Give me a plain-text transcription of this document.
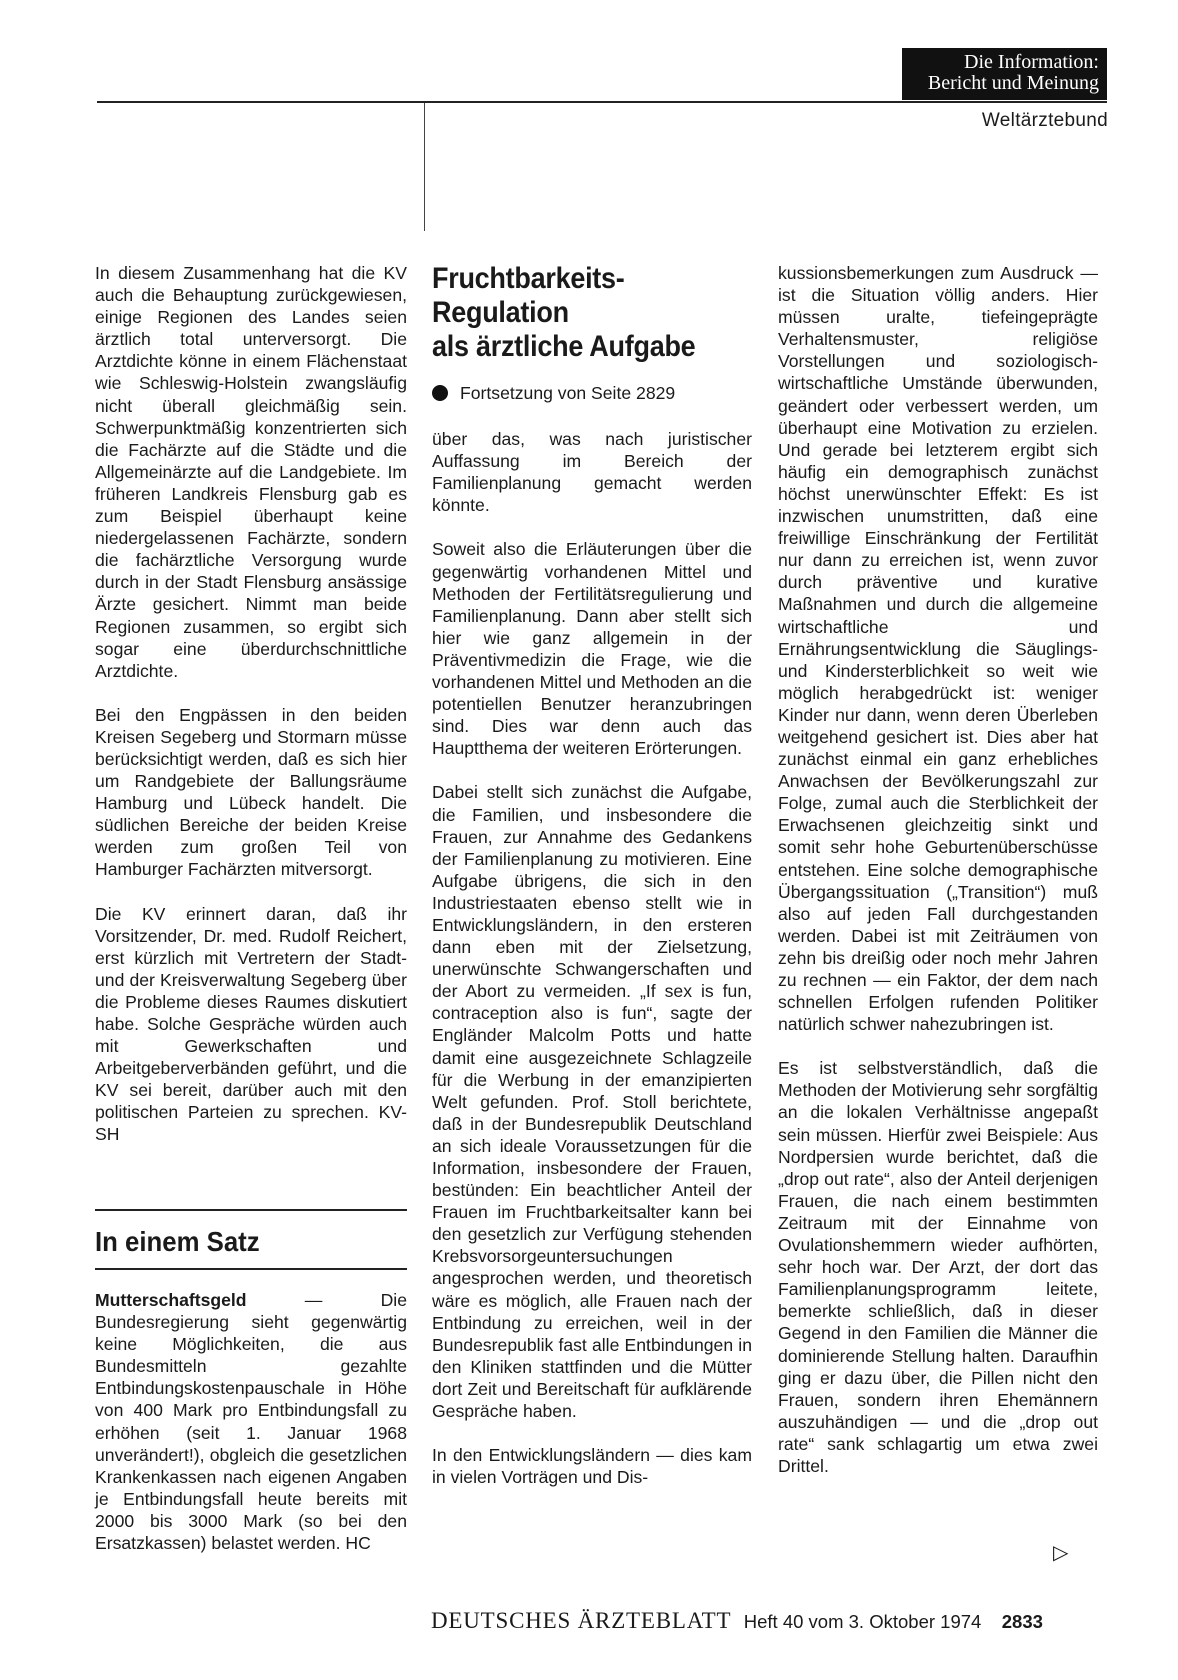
Die Information:
Bericht und Meinung
Weltärztebund

In diesem Zusammenhang hat die KV auch die Behauptung zurückgewiesen, einige Regionen des Landes seien ärztlich total unterversorgt. Die Arztdichte könne in einem Flächenstaat wie Schleswig-Holstein zwangsläufig nicht überall gleichmäßig sein. Schwerpunktmäßig konzentrierten sich die Fachärzte auf die Städte und die Allgemeinärzte auf die Landgebiete. Im früheren Landkreis Flensburg gab es zum Beispiel überhaupt keine niedergelassenen Fachärzte, sondern die fachärztliche Versorgung wurde durch in der Stadt Flensburg ansässige Ärzte gesichert. Nimmt man beide Regionen zusammen, so ergibt sich sogar eine überdurchschnittliche Arztdichte.

Bei den Engpässen in den beiden Kreisen Segeberg und Stormarn müsse berücksichtigt werden, daß es sich hier um Randgebiete der Ballungsräume Hamburg und Lübeck handelt. Die südlichen Bereiche der beiden Kreise werden zum großen Teil von Hamburger Fachärzten mitversorgt.

Die KV erinnert daran, daß ihr Vorsitzender, Dr. med. Rudolf Reichert, erst kürzlich mit Vertretern der Stadt- und der Kreisverwaltung Segeberg über die Probleme dieses Raumes diskutiert habe. Solche Gespräche würden auch mit Gewerkschaften und Arbeitgeberverbänden geführt, und die KV sei bereit, darüber auch mit den politischen Parteien zu sprechen. KV-SH

In einem Satz

Mutterschaftsgeld	— Die Bundesregierung sieht gegenwärtig keine Möglichkeiten, die aus Bundesmitteln gezahlte Entbindungskostenpauschale in Höhe von 400 Mark pro Entbindungsfall zu erhöhen (seit 1. Januar 1968 unverändert!), obgleich die gesetzlichen Krankenkassen nach eigenen Angaben je Entbindungsfall heute bereits mit 2000 bis 3000 Mark (so bei den Ersatzkassen) belastet werden. HC

Fruchtbarkeits-
Regulation
als ärztliche Aufgabe
Fortsetzung von Seite 2829

über das, was nach juristischer Auffassung im Bereich der Familienplanung gemacht werden könnte.

Soweit also die Erläuterungen über die gegenwärtig vorhandenen Mittel und Methoden der Fertilitätsregulierung und Familienplanung. Dann aber stellt sich hier wie ganz allgemein in der Präventivmedizin die Frage, wie die vorhandenen Mittel und Methoden an die potentiellen Benutzer heranzubringen sind. Dies war denn auch das Hauptthema der weiteren Erörterungen.

Dabei stellt sich zunächst die Aufgabe, die Familien, und insbesondere die Frauen, zur Annahme des Gedankens der Familienplanung zu motivieren. Eine Aufgabe übrigens, die sich in den Industriestaaten ebenso stellt wie in Entwicklungsländern, in den ersteren dann eben mit der Zielsetzung, unerwünschte Schwangerschaften und der Abort zu vermeiden. „If sex is fun, contraception also is fun“, sagte der Engländer Malcolm Potts und hatte damit eine ausgezeichnete Schlagzeile für die Werbung in der emanzipierten Welt gefunden. Prof. Stoll berichtete, daß in der Bundesrepublik Deutschland an sich ideale Voraussetzungen für die Information, insbesondere der Frauen, bestünden: Ein beachtlicher Anteil der Frauen im Fruchtbarkeitsalter kann bei den gesetzlich zur Verfügung stehenden Krebsvorsorgeuntersuchungen angesprochen werden, und theoretisch wäre es möglich, alle Frauen nach der Entbindung zu erreichen, weil in der Bundesrepublik fast alle Entbindungen in den Kliniken stattfinden und die Mütter dort Zeit und Bereitschaft für aufklärende Gespräche haben.

In den Entwicklungsländern — dies kam in vielen Vorträgen und Dis-

kussionsbemerkungen zum Ausdruck — ist die Situation völlig anders. Hier müssen uralte, tiefeingeprägte Verhaltensmuster, religiöse Vorstellungen und soziologisch-wirtschaftliche Umstände überwunden, geändert oder verbessert werden, um überhaupt eine Motivation zu erzielen. Und gerade bei letzterem ergibt sich häufig ein demographisch zunächst höchst unerwünschter Effekt: Es ist inzwischen unumstritten, daß eine freiwillige Einschränkung der Fertilität nur dann zu erreichen ist, wenn zuvor durch präventive und kurative Maßnahmen und durch die allgemeine wirtschaftliche und Ernährungsentwicklung die Säuglings- und Kindersterblichkeit so weit wie möglich herabgedrückt ist: weniger Kinder nur dann, wenn deren Überleben weitgehend gesichert ist. Dies aber hat zunächst einmal ein ganz erhebliches Anwachsen der Bevölkerungszahl zur Folge, zumal auch die Sterblichkeit der Erwachsenen gleichzeitig sinkt und somit sehr hohe Geburtenüberschüsse entstehen. Eine solche demographische Übergangssituation („Transition“) muß also auf jeden Fall durchgestanden werden. Dabei ist mit Zeiträumen von zehn bis dreißig oder noch mehr Jahren zu rechnen — ein Faktor, der dem nach schnellen Erfolgen rufenden Politiker natürlich schwer nahezubringen ist.

Es ist selbstverständlich, daß die Methoden der Motivierung sehr sorgfältig an die lokalen Verhältnisse angepaßt sein müssen. Hierfür zwei Beispiele: Aus Nordpersien wurde berichtet, daß die „drop out rate“, also der Anteil derjenigen Frauen, die nach einem bestimmten Zeitraum mit der Einnahme von Ovulationshemmern wieder aufhörten, sehr hoch war. Der Arzt, der dort das Familienplanungsprogramm leitete, bemerkte schließlich, daß in dieser Gegend in den Familien die Männer die dominierende Stellung halten. Daraufhin ging er dazu über, die Pillen nicht den Frauen, sondern ihren Ehemännern auszuhändigen — und die „drop out rate“ sank schlagartig um etwa zwei Drittel.

▷
DEUTSCHES ÄRZTEBLATT Heft 40 vom 3. Oktober 1974 2833
